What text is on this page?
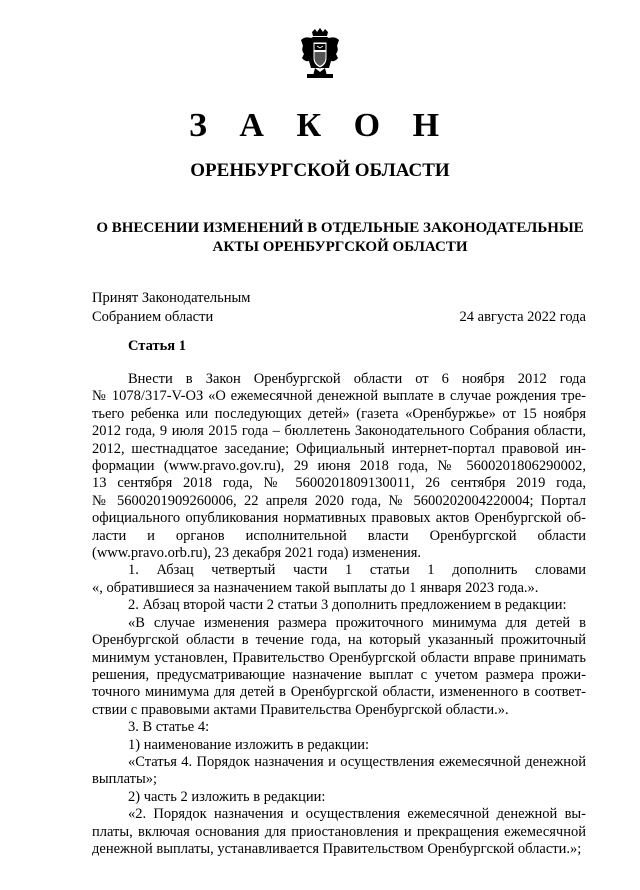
З А К О Н
ОРЕНБУРГСКОЙ ОБЛАСТИ
О ВНЕСЕНИИ ИЗМЕНЕНИЙ В ОТДЕЛЬНЫЕ ЗАКОНОДАТЕЛЬНЫЕ
АКТЫ ОРЕНБУРГСКОЙ ОБЛАСТИ
Принят Законодательным
Собранием области	24 августа 2022 года
Статья 1

Внести в Закон Оренбургской области от 6 ноября 2012 года
№ 1078/317-V-ОЗ «О ежемесячной денежной выплате в случае рождения тре-
тьего ребенка или последующих детей» (газета «Оренбуржье» от 15 ноября
2012 года, 9 июля 2015 года – бюллетень Законодательного Собрания области,
2012, шестнадцатое заседание; Официальный интернет-портал правовой ин-
формации (www.pravo.gov.ru), 29 июня 2018 года, № 5600201806290002,
13 сентября 2018 года, № 5600201809130011, 26 сентября 2019 года,
№ 5600201909260006, 22 апреля 2020 года, № 5600202004220004; Портал
официального опубликования нормативных правовых актов Оренбургской об-
ласти и органов исполнительной власти Оренбургской области
(www.pravo.orb.ru), 23 декабря 2021 года) изменения.

1. Абзац четвертый части 1 статьи 1 дополнить словами
«, обратившиеся за назначением такой выплаты до 1 января 2023 года.».

2. Абзац второй части 2 статьи 3 дополнить предложением в редакции:

«В случае изменения размера прожиточного минимума для детей в
Оренбургской области в течение года, на который указанный прожиточный
минимум установлен, Правительство Оренбургской области вправе принимать
решения, предусматривающие назначение выплат с учетом размера прожи-
точного минимума для детей в Оренбургской области, измененного в соответ-
ствии с правовыми актами Правительства Оренбургской области.».

3. В статье 4:

1) наименование изложить в редакции:

«Статья 4. Порядок назначения и осуществления ежемесячной денежной
выплаты»;

2) часть 2 изложить в редакции:

«2. Порядок назначения и осуществления ежемесячной денежной вы-
платы, включая основания для приостановления и прекращения ежемесячной
денежной выплаты, устанавливается Правительством Оренбургской области.»;
